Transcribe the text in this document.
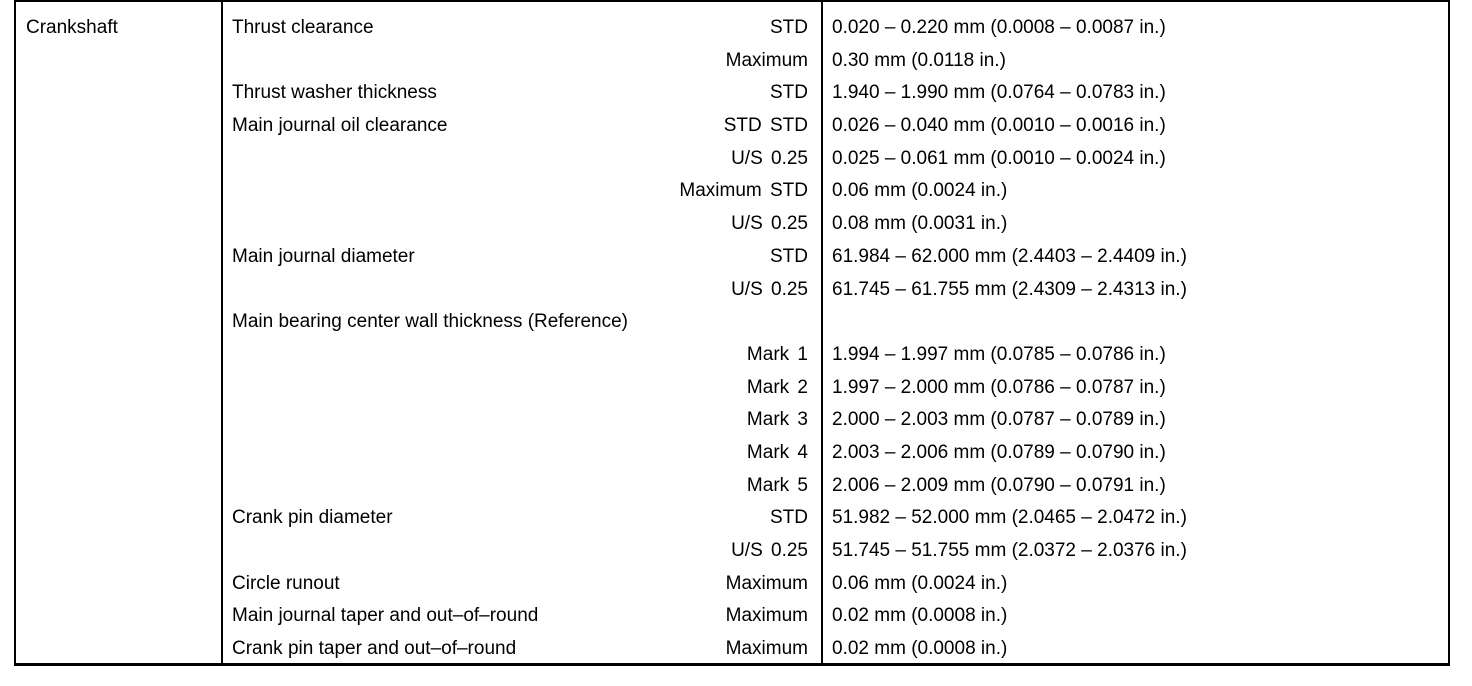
Crankshaft	Thrust clearance	STD 0.020 – 0.220 mm (0.0008 – 0.0087 in.)
Maximum 0.30 mm (0.0118 in.)
Thrust washer thickness	STD 1.940 – 1.990 mm (0.0764 – 0.0783 in.)
Main journal oil clearance	STD STD 0.026 – 0.040 mm (0.0010 – 0.0016 in.)
U/S 0.25 0.025 – 0.061 mm (0.0010 – 0.0024 in.)
Maximum STD 0.06 mm (0.0024 in.)
U/S 0.25 0.08 mm (0.0031 in.)
Main journal diameter	STD 61.984 – 62.000 mm (2.4403 – 2.4409 in.)
U/S 0.25 61.745 – 61.755 mm (2.4309 – 2.4313 in.)
Main bearing center wall thickness (Reference)
Mark 1 1.994 – 1.997 mm (0.0785 – 0.0786 in.)
Mark 2 1.997 – 2.000 mm (0.0786 – 0.0787 in.)
Mark 3 2.000 – 2.003 mm (0.0787 – 0.0789 in.)
Mark 4 2.003 – 2.006 mm (0.0789 – 0.0790 in.)
Mark 5 2.006 – 2.009 mm (0.0790 – 0.0791 in.)
Crank pin diameter	STD 51.982 – 52.000 mm (2.0465 – 2.0472 in.)
U/S 0.25 51.745 – 51.755 mm (2.0372 – 2.0376 in.)
Circle runout	Maximum 0.06 mm (0.0024 in.)
Main journal taper and out–of–round	Maximum 0.02 mm (0.0008 in.)
Crank pin taper and out–of–round	Maximum 0.02 mm (0.0008 in.)
